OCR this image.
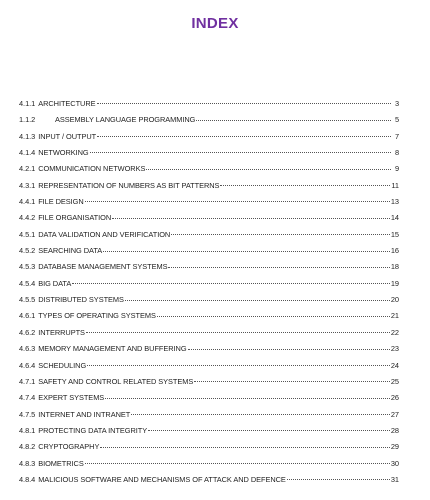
INDEX
4.1.1 ARCHITECTURE	3
1.1.2	ASSEMBLY LANGUAGE PROGRAMMING	5
4.1.3 INPUT / OUTPUT	7
4.1.4 NETWORKING	8
4.2.1 COMMUNICATION NETWORKS	9
4.3.1 REPRESENTATION OF NUMBERS AS BIT PATTERNS	11
4.4.1 FILE DESIGN	13
4.4.2 FILE ORGANISATION	14
4.5.1 DATA VALIDATION AND VERIFICATION	15
4.5.2 SEARCHING DATA	16
4.5.3 DATABASE MANAGEMENT SYSTEMS	18
4.5.4 BIG DATA	19
4.5.5 DISTRIBUTED SYSTEMS	20
4.6.1 TYPES OF OPERATING SYSTEMS	21
4.6.2 INTERRUPTS	22
4.6.3 MEMORY MANAGEMENT AND BUFFERING	23
4.6.4 SCHEDULING	24
4.7.1 SAFETY AND CONTROL RELATED SYSTEMS	25
4.7.4 EXPERT SYSTEMS	26
4.7.5 INTERNET AND INTRANET	27
4.8.1 PROTECTING DATA INTEGRITY	28
4.8.2 CRYPTOGRAPHY	29
4.8.3 BIOMETRICS	30
4.8.4 MALICIOUS SOFTWARE AND MECHANISMS OF ATTACK AND DEFENCE	31
